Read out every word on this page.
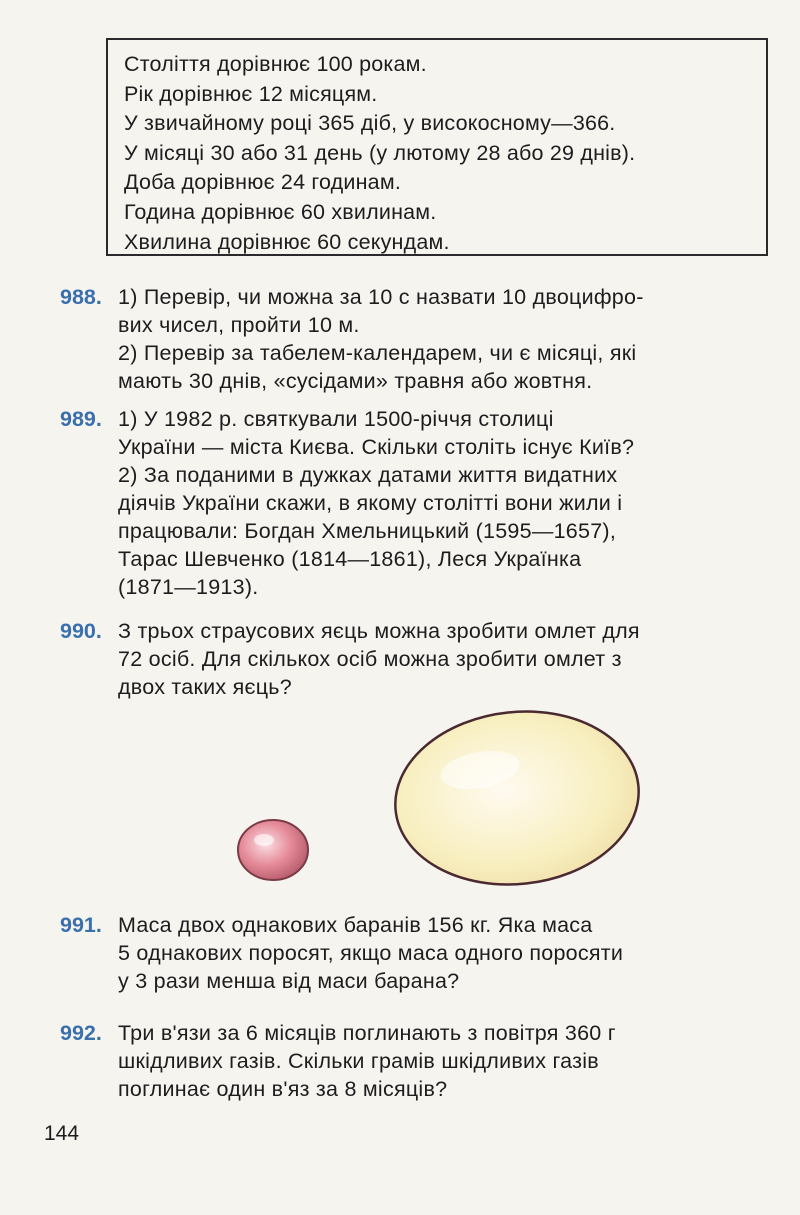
Століття дорівнює 100 рокам.
Рік дорівнює 12 місяцям.
У звичайному році 365 діб, у високосному—366.
У місяці 30 або 31 день (у лютому 28 або 29 днів).
Доба дорівнює 24 годинам.
Година дорівнює 60 хвилинам.
Хвилина дорівнює 60 секундам.
988. 1) Перевір, чи можна за 10 с назвати 10 двоцифро-
вих чисел, пройти 10 м.
2) Перевір за табелем-календарем, чи є місяці, які
мають 30 днів, «сусідами» травня або жовтня.
989. 1) У 1982 р. святкували 1500-річчя столиці
України — міста Києва. Скільки століть існує Київ?
2) За поданими в дужках датами життя видатних
діячів України скажи, в якому столітті вони жили і
працювали: Богдан Хмельницький (1595—1657),
Тарас Шевченко (1814—1861), Леся Українка
(1871—1913).
990. З трьох страусових яєць можна зробити омлет для
72 осіб. Для скількох осіб можна зробити омлет з
двох таких яєць?
991. Маса двох однакових баранів 156 кг. Яка маса
5 однакових поросят, якщо маса одного поросяти
у 3 рази менша від маси барана?
992. Три в'язи за 6 місяців поглинають з повітря 360 г
шкідливих газів. Скільки грамів шкідливих газів
поглинає один в'яз за 8 місяців?
144
